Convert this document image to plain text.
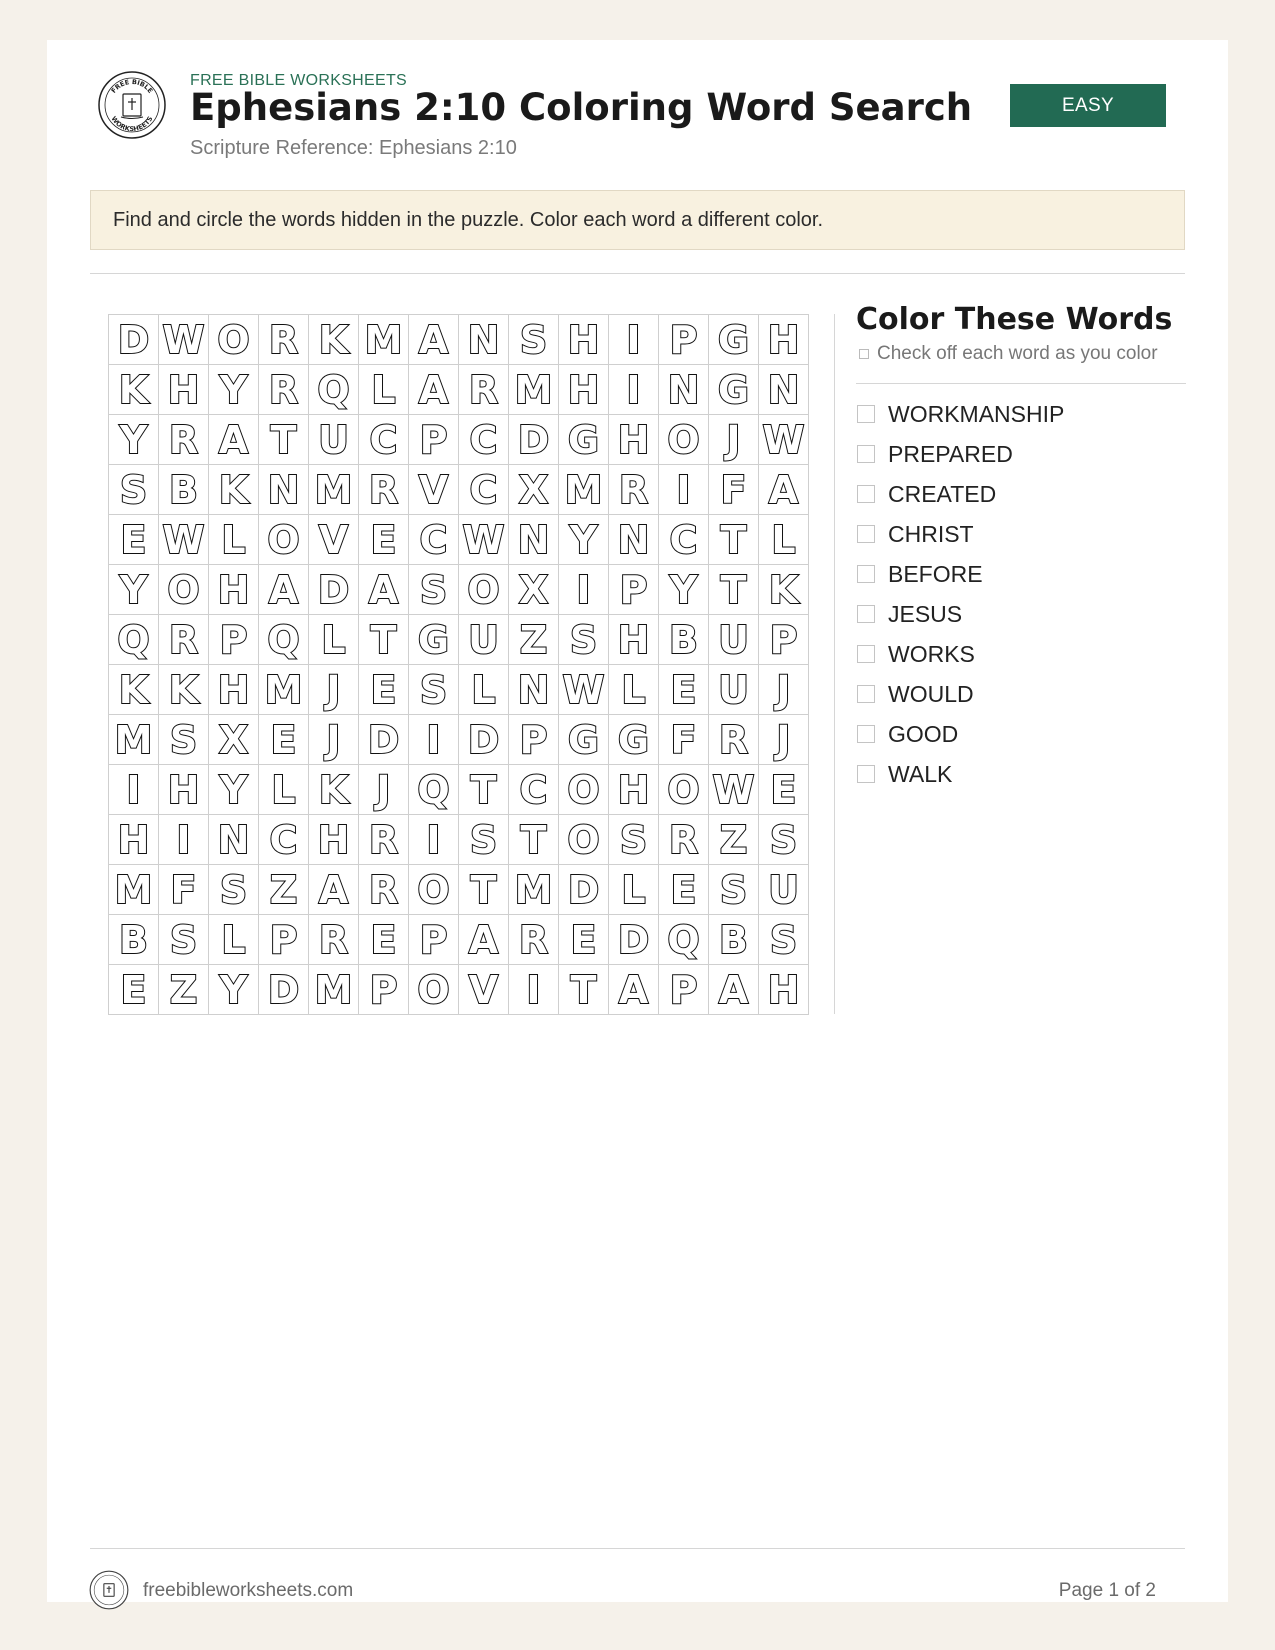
FREE BIBLE
WORKSHEETS
FREE BIBLE WORKSHEETS
Ephesians 2:10 Coloring Word Search
Scripture Reference: Ephesians 2:10
EASY
Find and circle the words hidden in the puzzle. Color each word a different color.
D W O R K M A N S H I P G H
K H Y R Q L A R M H I N G N
Y R A T U C P C D G H O J W
S B K N M R V C X M R I F A
E W L O V E C W N Y N C T L
Y O H A D A S O X I P Y T K
Q R P Q L T G U Z S H B U P
K K H M J E S L N W L E U J
M S X E J D I D P G G F R J
I H Y L K J Q T C O H O W E
H I N C H R I S T O S R Z S
M F S Z A R O T M D L E S U
B S L P R E P A R E D Q B S
E Z Y D M P O V I T A P A H
Color These Words
Check off each word as you color
WORKMANSHIP
PREPARED
CREATED
CHRIST
BEFORE
JESUS
WORKS
WOULD
GOOD
WALK
freebibleworksheets.com	Page 1 of 2
